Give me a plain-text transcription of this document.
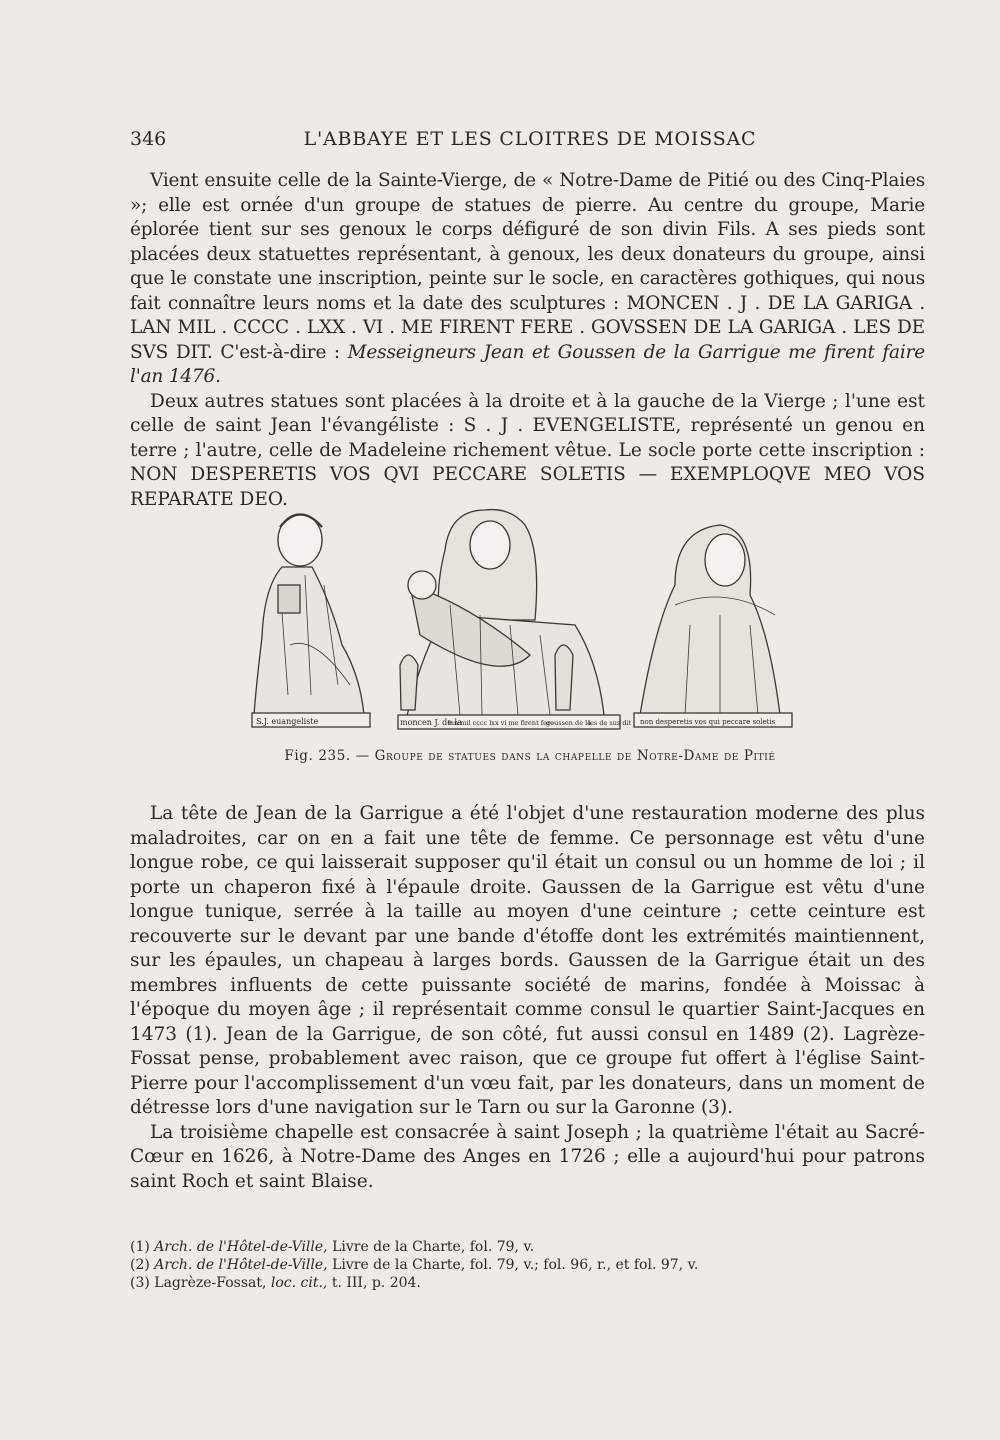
346	L'ABBAYE ET LES CLOITRES DE MOISSAC

Vient ensuite celle de la Sainte-Vierge, de « Notre-Dame de Pitié ou des Cinq-Plaies »; elle est ornée d'un groupe de statues de pierre. Au centre du groupe, Marie éplorée tient sur ses genoux le corps défiguré de son divin Fils. A ses pieds sont placées deux statuettes représentant, à genoux, les deux donateurs du groupe, ainsi que le constate une inscription, peinte sur le socle, en caractères gothiques, qui nous fait connaître leurs noms et la date des sculptures : MONCEN . J . DE LA GARIGA . LAN MIL . CCCC . LXX . VI . ME FIRENT FERE . GOVSSEN DE LA GARIGA . LES DE SVS DIT. C'est-à-dire : Messeigneurs Jean et Goussen de la Garrigue me firent faire l'an 1476.

Deux autres statues sont placées à la droite et à la gauche de la Vierge ; l'une est celle de saint Jean l'évangéliste : S . J . EVENGELISTE, représenté un genou en terre ; l'autre, celle de Madeleine richement vêtue. Le socle porte cette inscription : NON DESPERETIS VOS QVI PECCARE SOLETIS — EXEMPLOQVE MEO VOS REPARATE DEO.

S.J. euangeliste	moncen J. de la
lan mil cccc lxx vi me firent fere
goussen de la
les de sus dit non desperetis vos qui peccare soletis
Fig. 235. — Groupe de statues dans la chapelle de Notre-Dame de Pitié

La tête de Jean de la Garrigue a été l'objet d'une restauration moderne des plus maladroites, car on en a fait une tête de femme. Ce personnage est vêtu d'une longue robe, ce qui laisserait supposer qu'il était un consul ou un homme de loi ; il porte un chaperon fixé à l'épaule droite. Gaussen de la Garrigue est vêtu d'une longue tunique, serrée à la taille au moyen d'une ceinture ; cette ceinture est recouverte sur le devant par une bande d'étoffe dont les extrémités maintiennent, sur les épaules, un chapeau à larges bords. Gaussen de la Garrigue était un des membres influents de cette puissante société de marins, fondée à Moissac à l'époque du moyen âge ; il représentait comme consul le quartier Saint-Jacques en 1473 (1). Jean de la Garrigue, de son côté, fut aussi consul en 1489 (2). Lagrèze-Fossat pense, probablement avec raison, que ce groupe fut offert à l'église Saint-Pierre pour l'accomplissement d'un vœu fait, par les donateurs, dans un moment de détresse lors d'une navigation sur le Tarn ou sur la Garonne (3).

La troisième chapelle est consacrée à saint Joseph ; la quatrième l'était au Sacré-Cœur en 1626, à Notre-Dame des Anges en 1726 ; elle a aujourd'hui pour patrons saint Roch et saint Blaise.

(1) Arch. de l'Hôtel-de-Ville, Livre de la Charte, fol. 79, v.

(2) Arch. de l'Hôtel-de-Ville, Livre de la Charte, fol. 79, v.; fol. 96, r., et fol. 97, v.

(3) Lagrèze-Fossat, loc. cit., t. III, p. 204.
